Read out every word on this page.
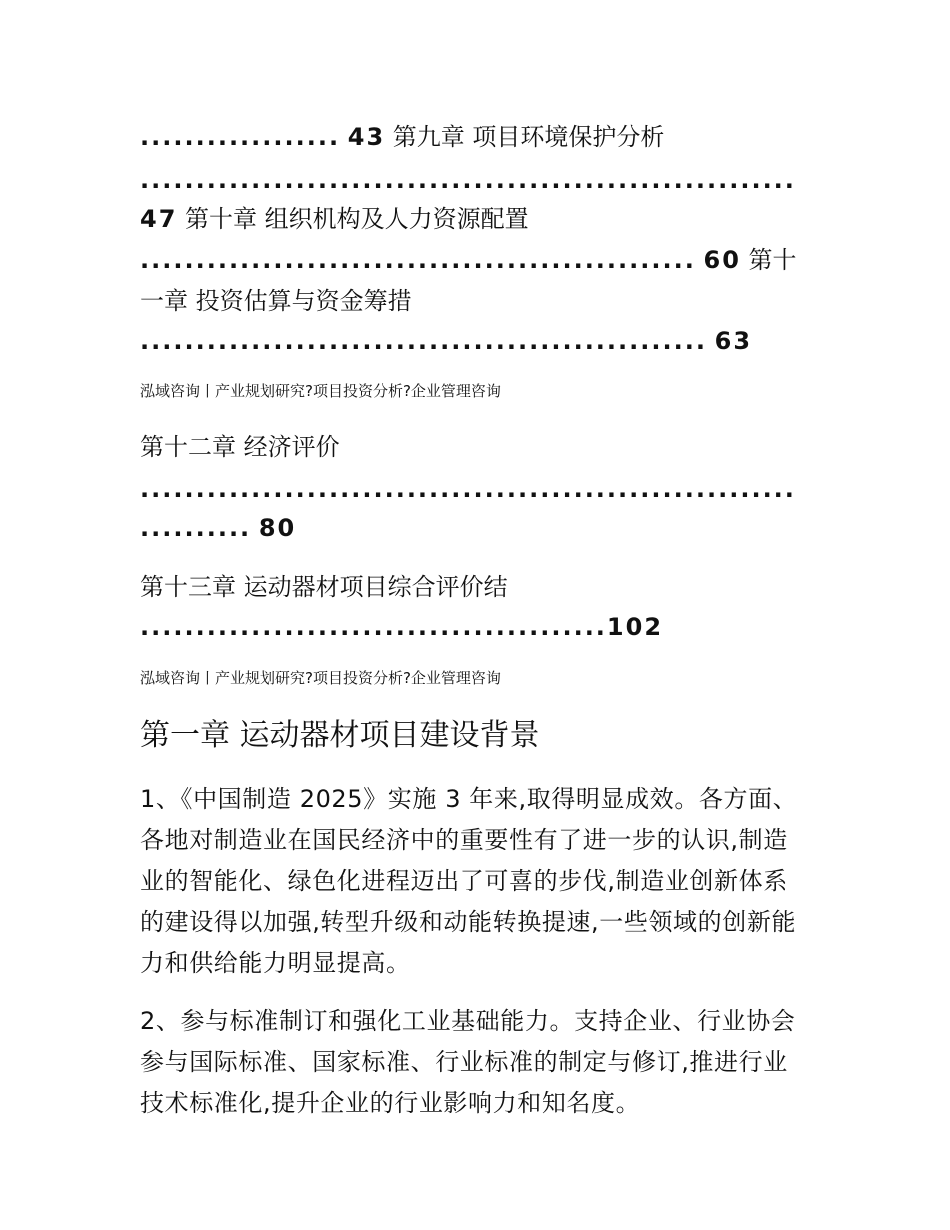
.................. 43 第九章 项目环境保护分析
...........................................................
47 第十章 组织机构及人力资源配置
.................................................. 60 第十
一章 投资估算与资金筹措
................................................... 63
泓域咨询丨产业规划研究?项目投资分析?企业管理咨询
第十二章 经济评价
...........................................................
.......... 80
第十三章 运动器材项目综合评价结
..........................................102
泓域咨询丨产业规划研究?项目投资分析?企业管理咨询
第一章 运动器材项目建设背景
1、《中国制造 2025》实施 3 年来,取得明显成效。各方面、各地对制造业在国民经济中的重要性有了进一步的认识,制造业的智能化、绿色化进程迈出了可喜的步伐,制造业创新体系的建设得以加强,转型升级和动能转换提速,一些领域的创新能力和供给能力明显提高。
2、参与标准制订和强化工业基础能力。支持企业、行业协会参与国际标准、国家标准、行业标准的制定与修订,推进行业技术标准化,提升企业的行业影响力和知名度。
